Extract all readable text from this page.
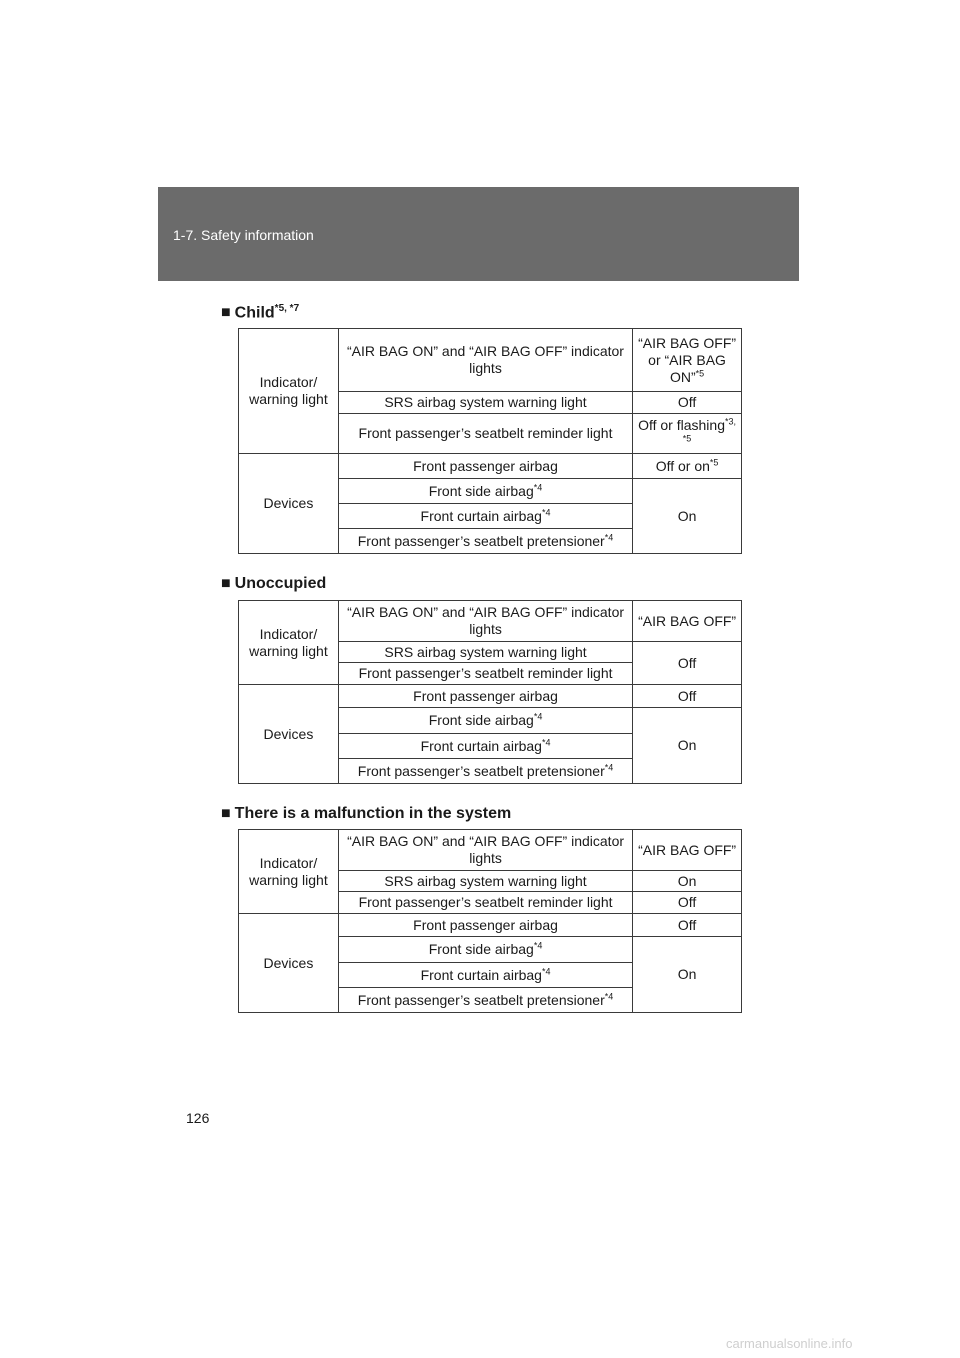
1-7. Safety information
■ Child$^{*5, *7}$
Indicator/
warning light	“AIR BAG ON” and “AIR BAG OFF” indicator lights	“AIR BAG OFF” or “AIR BAG ON”$^{*5}$
	SRS airbag system warning light	Off
	Front passenger’s seatbelt reminder light	Off or flashing$^{*3, *5}$
Devices	Front passenger airbag	Off or $on^{*5}$
	Front side airbag$^{*4}$	On
	Front curtain airbag$^{*4}$
	Front passenger’s seatbelt pretensioner$^{*4}$
■ Unoccupied
Indicator/
warning light	“AIR BAG ON” and “AIR BAG OFF” indicator lights	“AIR BAG OFF”
	SRS airbag system warning light	Off
	Front passenger’s seatbelt reminder light	
Devices	Front passenger airbag	Off
	Front side airbag$^{*4}$	On
	Front curtain airbag$^{*4}$
	Front passenger’s seatbelt pretensioner$^{*4}$
■ There is a malfunction in the system
Indicator/
warning light	“AIR BAG ON” and “AIR BAG OFF” indicator lights	“AIR BAG OFF”
	SRS airbag system warning light	On
	Front passenger’s seatbelt reminder light	Off
Devices	Front passenger airbag	Off
	Front side airbag$^{*4}$	On
	Front curtain airbag$^{*4}$
	Front passenger’s seatbelt pretensioner$^{*4}$
126
carmanualsonline.info
